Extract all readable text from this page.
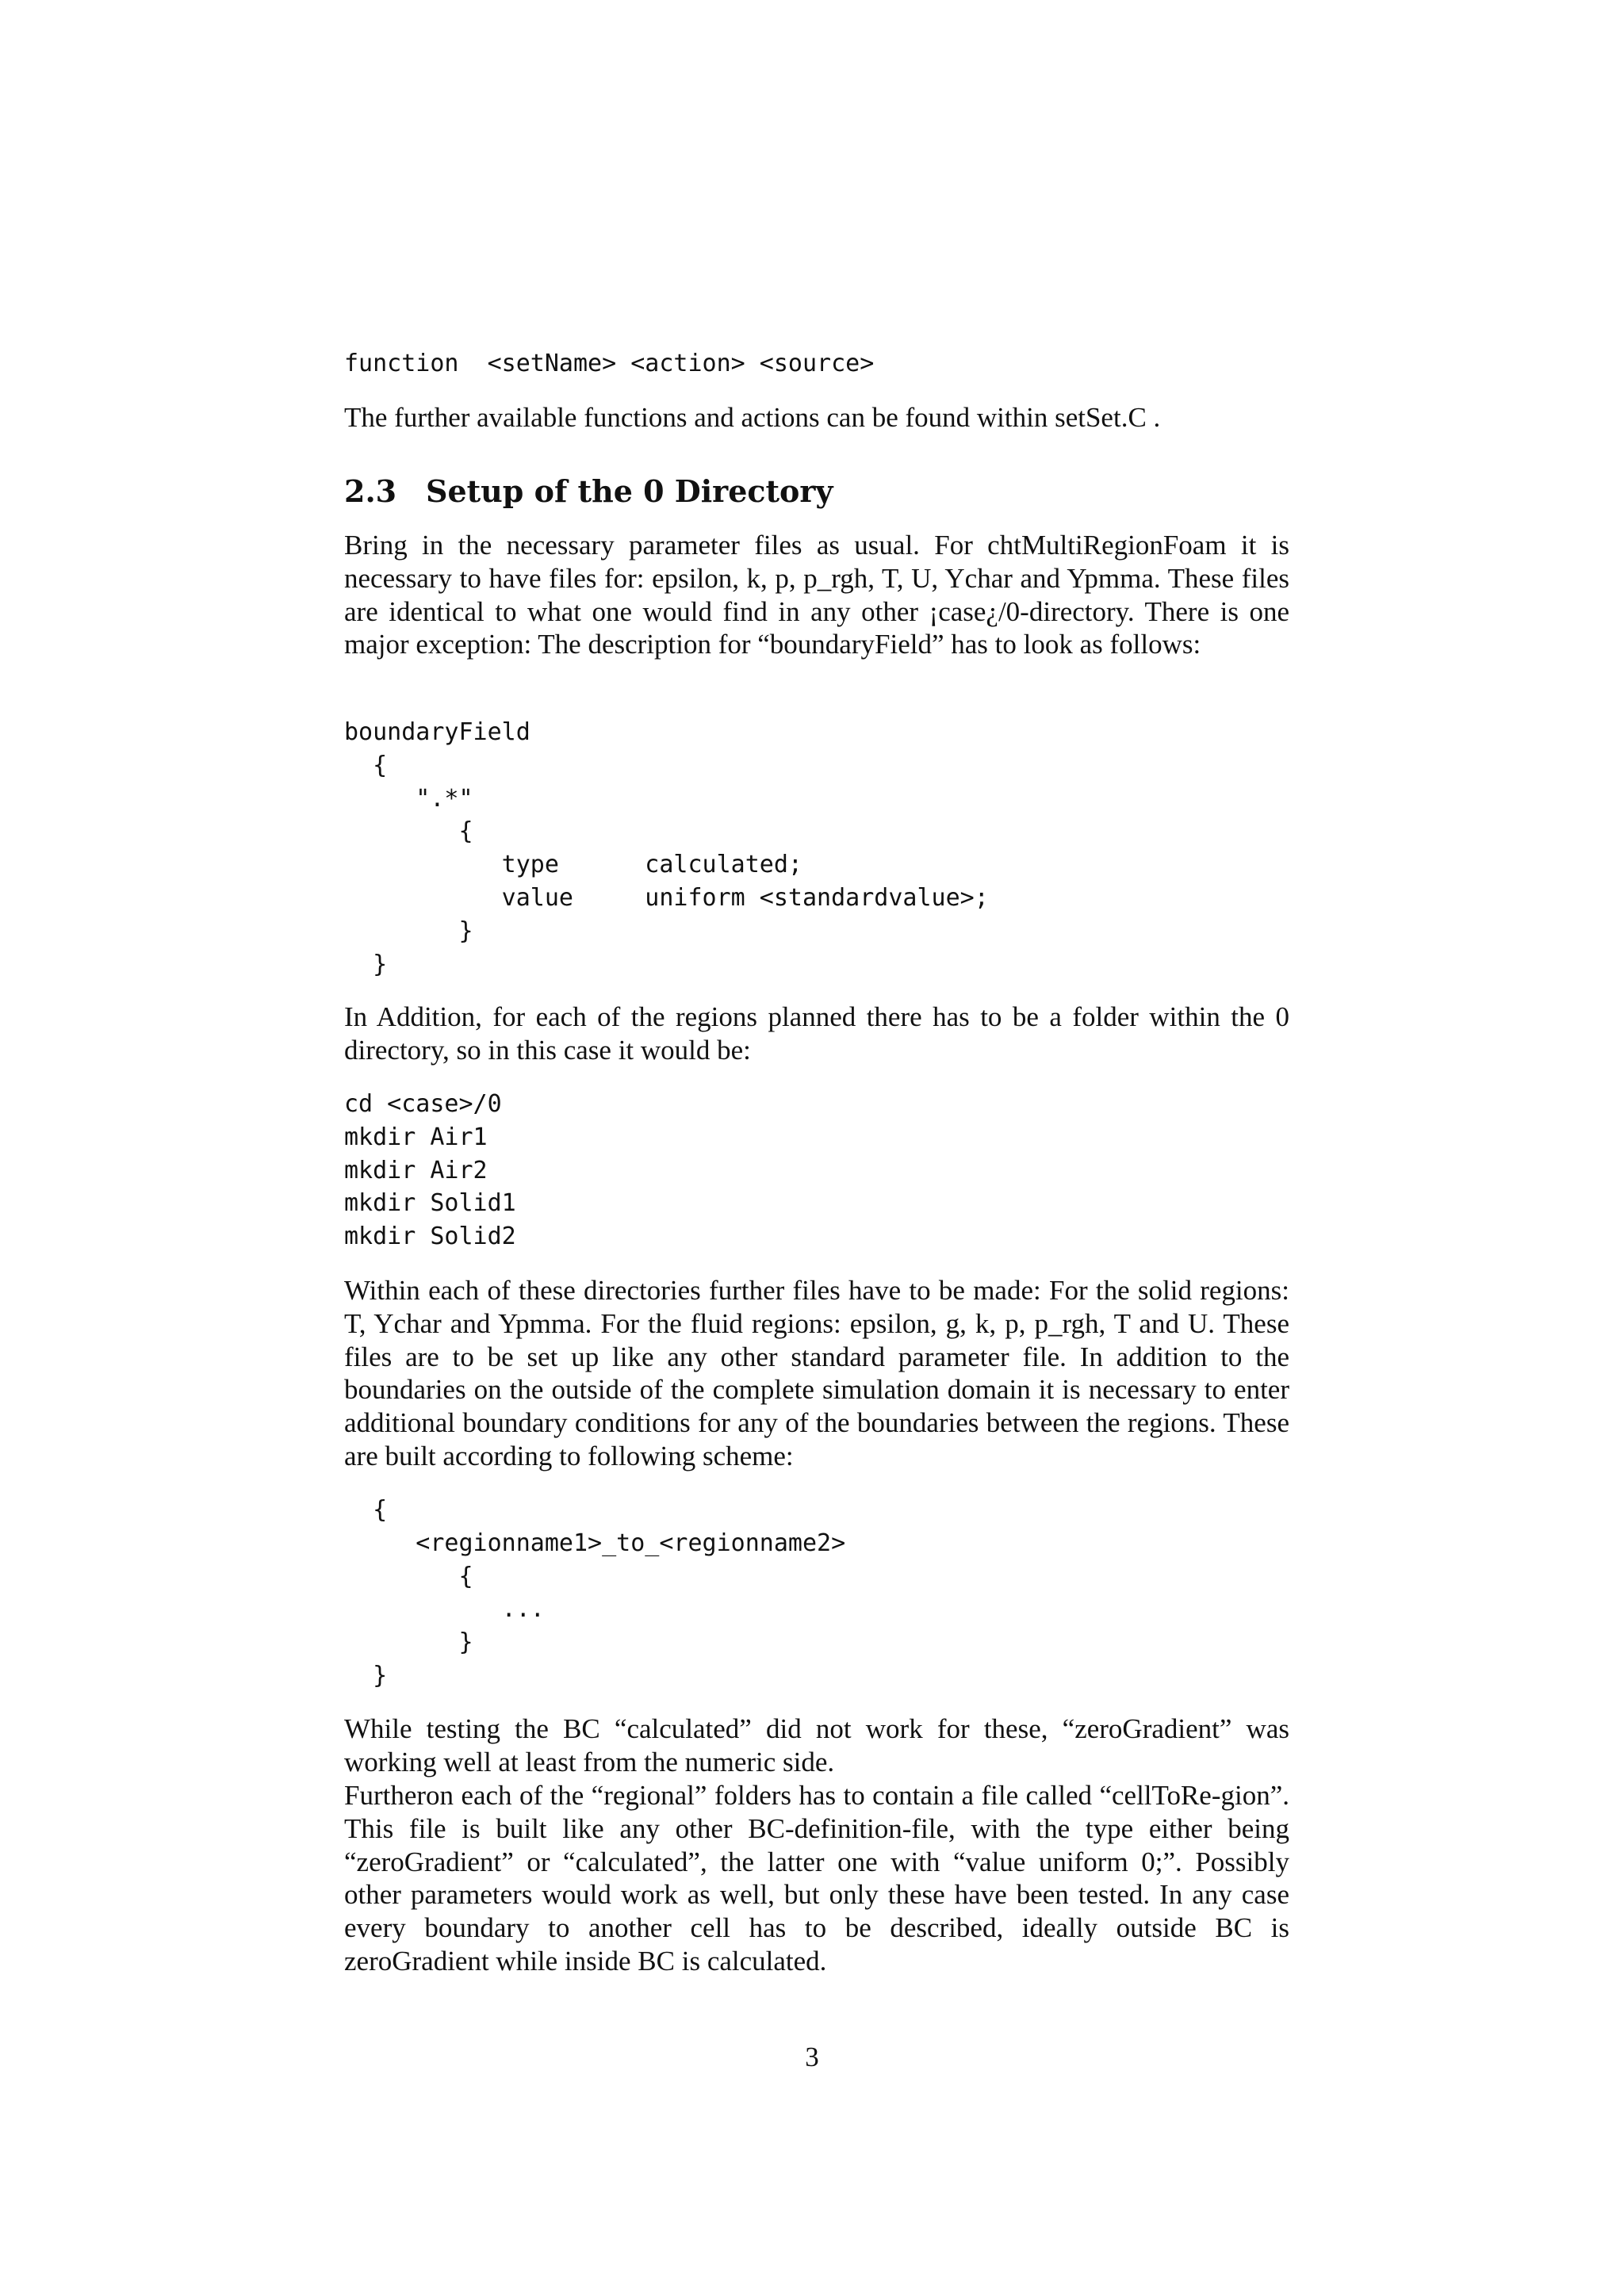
function  <setName> <action> <source>

The further available functions and actions can be found within setSet.C .

2.3 Setup of the 0 Directory

Bring in the necessary parameter files as usual. For chtMultiRegionFoam it is necessary to have files for: epsilon, k, p, p_rgh, T, U, Ychar and Ypmma. These files are identical to what one would find in any other ¡case¿/0-directory. There is one major exception: The description for “boundaryField” has to look as follows:

boundaryField
{
".*"
{
type      calculated;
value     uniform <standardvalue>;
}
}

In Addition, for each of the regions planned there has to be a folder within the 0 directory, so in this case it would be:

cd <case>/0
mkdir Air1
mkdir Air2
mkdir Solid1
mkdir Solid2

Within each of these directories further files have to be made: For the solid regions: T, Ychar and Ypmma. For the fluid regions: epsilon, g, k, p, p_rgh, T and U. These files are to be set up like any other standard parameter file. In addition to the boundaries on the outside of the complete simulation domain it is necessary to enter additional boundary conditions for any of the boundaries between the regions. These are built according to following scheme:

{
<regionname1>_to_<regionname2>
{
...
}
}

While testing the BC “calculated” did not work for these, “zeroGradient” was working well at least from the numeric side.

Furtheron each of the “regional” folders has to contain a file called “cellToRe-gion”. This file is built like any other BC-definition-file, with the type either being “zeroGradient” or “calculated”, the latter one with “value uniform 0;”. Possibly other parameters would work as well, but only these have been tested. In any case every boundary to another cell has to be described, ideally outside BC is zeroGradient while inside BC is calculated.

3
